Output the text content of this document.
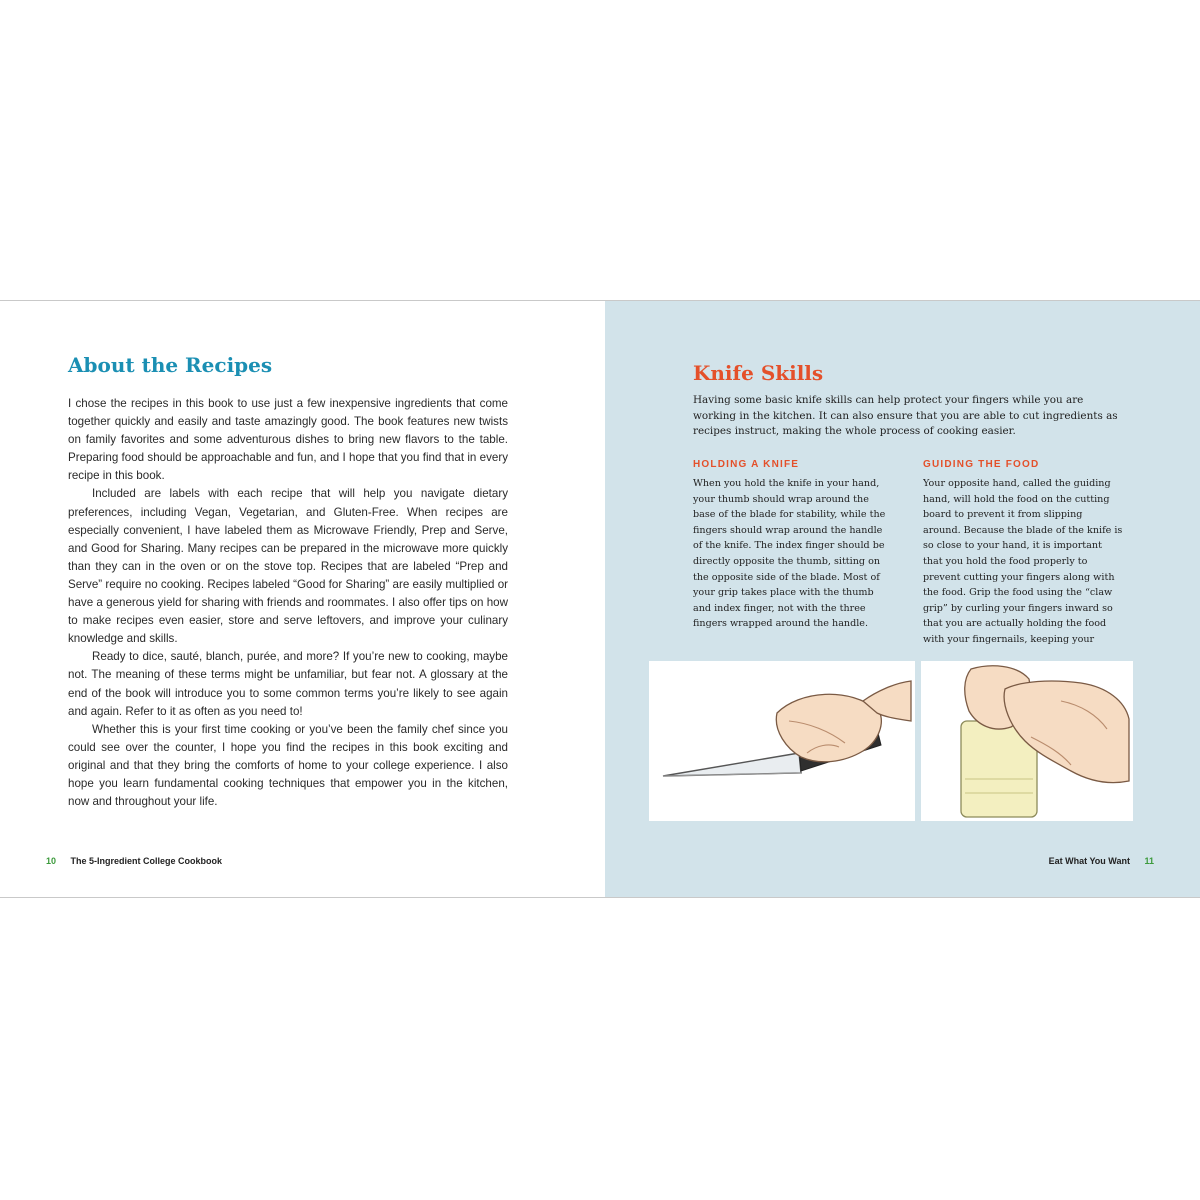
About the Recipes

I chose the recipes in this book to use just a few inexpensive ingredients that come together quickly and easily and taste amazingly good. The book features new twists on family favorites and some adventurous dishes to bring new flavors to the table. Preparing food should be approachable and fun, and I hope that you find that in every recipe in this book.

Included are labels with each recipe that will help you navigate dietary preferences, including Vegan, Vegetarian, and Gluten-Free. When recipes are especially convenient, I have labeled them as Microwave Friendly, Prep and Serve, and Good for Sharing. Many recipes can be prepared in the microwave more quickly than they can in the oven or on the stove top. Recipes that are labeled “Prep and Serve” require no cooking. Recipes labeled “Good for Sharing” are easily multiplied or have a generous yield for sharing with friends and roommates. I also offer tips on how to make recipes even easier, store and serve leftovers, and improve your culinary knowledge and skills.

Ready to dice, sauté, blanch, purée, and more? If you’re new to cooking, maybe not. The meaning of these terms might be unfamiliar, but fear not. A glossary at the end of the book will introduce you to some common terms you’re likely to see again and again. Refer to it as often as you need to!

Whether this is your first time cooking or you’ve been the family chef since you could see over the counter, I hope you find the recipes in this book exciting and original and that they bring the comforts of home to your college experience. I also hope you learn fundamental cooking techniques that empower you in the kitchen, now and throughout your life.

10 The 5-Ingredient College Cookbook
Knife Skills
Having some basic knife skills can help protect your fingers while you are working in the kitchen. It can also ensure that you are able to cut ingredients as recipes instruct, making the whole process of cooking easier.
HOLDING A KNIFE

When you hold the knife in your hand, your thumb should wrap around the base of the blade for stability, while the fingers should wrap around the handle of the knife. The index finger should be directly opposite the thumb, sitting on the opposite side of the blade. Most of your grip takes place with the thumb and index finger, not with the three fingers wrapped around the handle.

GUIDING THE FOOD

Your opposite hand, called the guiding hand, will hold the food on the cutting board to prevent it from slipping around. Because the blade of the knife is so close to your hand, it is important that you hold the food properly to prevent cutting your fingers along with the food. Grip the food using the “claw grip” by curling your fingers inward so that you are actually holding the food with your fingernails, keeping your

Eat What You Want 11
